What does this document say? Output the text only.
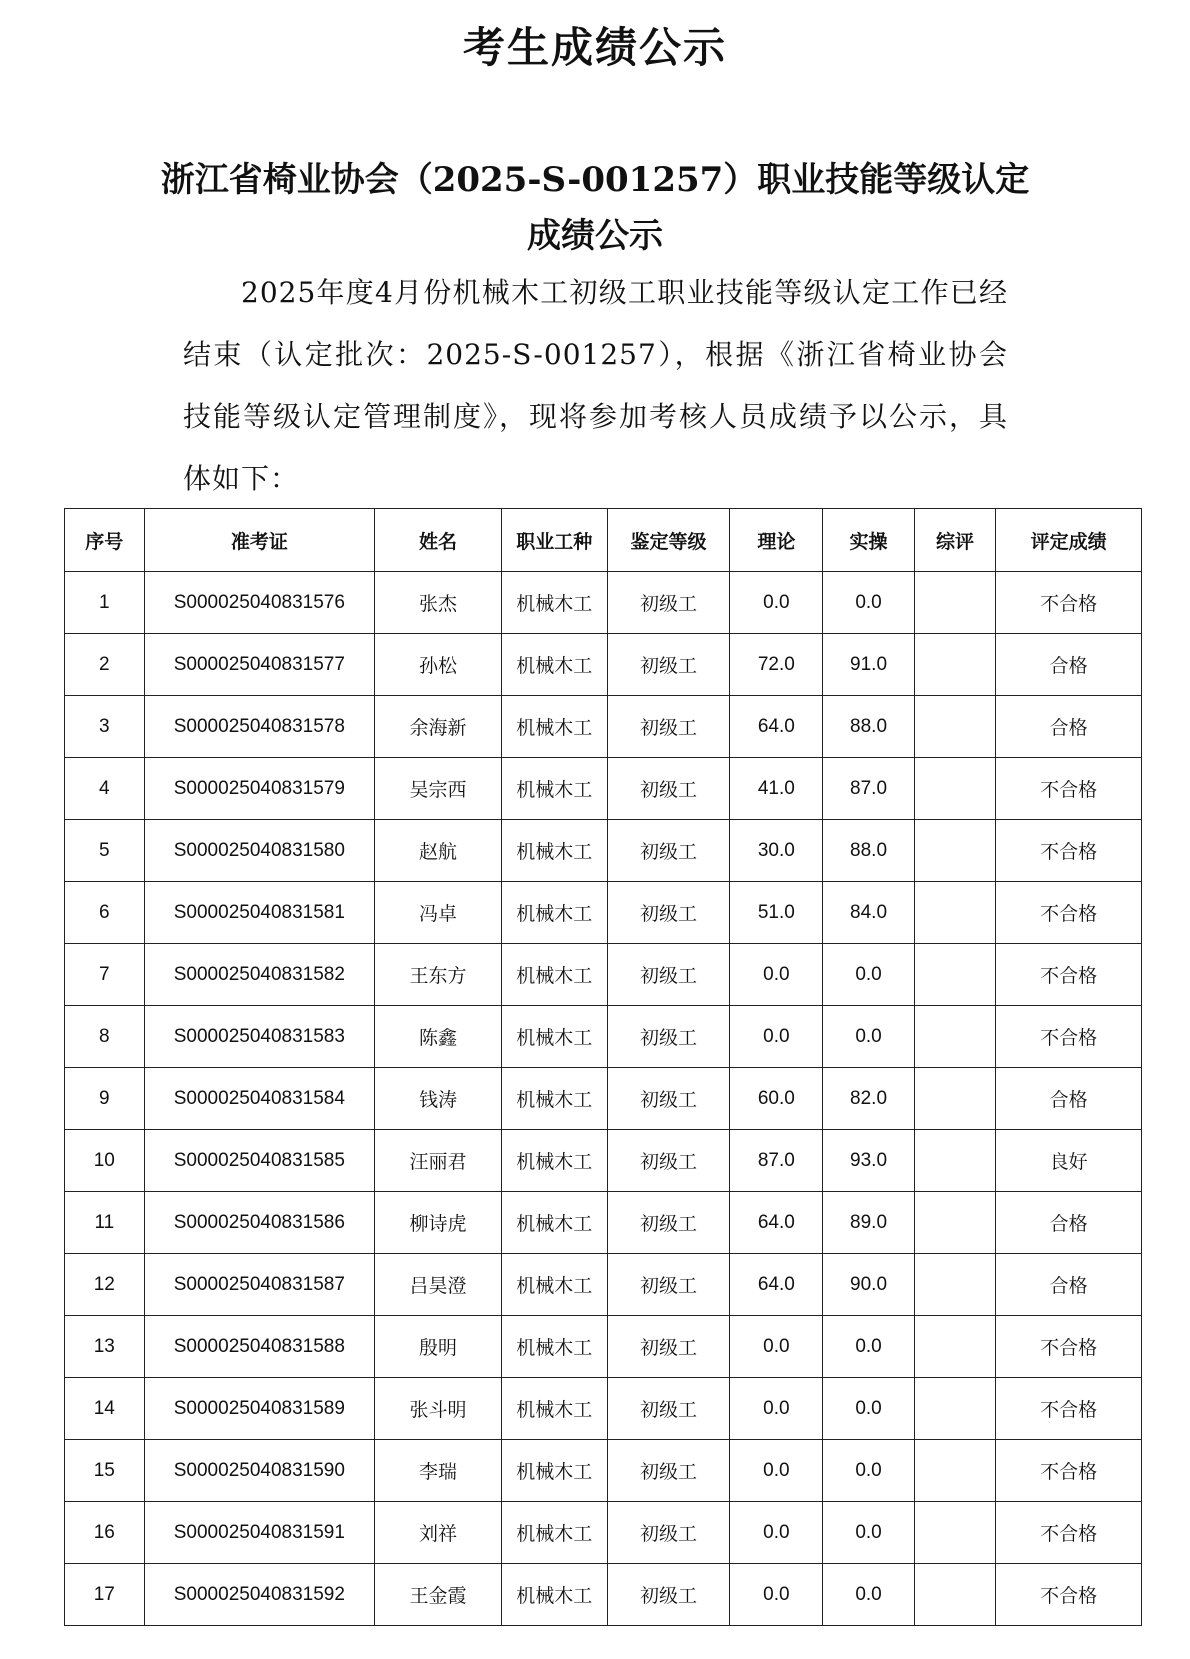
考生成绩公示
浙江省椅业协会（2025-S-001257）职业技能等级认定
成绩公示

2025年度4月份机械木工初级工职业技能等级认定工作已经结束（认定批次：2025-S-001257），根据《浙江省椅业协会技能等级认定管理制度》，现将参加考核人员成绩予以公示，具体如下：

序号	准考证	姓名	职业工种	鉴定等级	理论	实操	综评	评定成绩
1	S000025040831576	张杰	机械木工	初级工	0.0	0.0		不合格
2	S000025040831577	孙松	机械木工	初级工	72.0	91.0		合格
3	S000025040831578	余海新	机械木工	初级工	64.0	88.0		合格
4	S000025040831579	吴宗西	机械木工	初级工	41.0	87.0		不合格
5	S000025040831580	赵航	机械木工	初级工	30.0	88.0		不合格
6	S000025040831581	冯卓	机械木工	初级工	51.0	84.0		不合格
7	S000025040831582	王东方	机械木工	初级工	0.0	0.0		不合格
8	S000025040831583	陈鑫	机械木工	初级工	0.0	0.0		不合格
9	S000025040831584	钱涛	机械木工	初级工	60.0	82.0		合格
10	S000025040831585	汪丽君	机械木工	初级工	87.0	93.0		良好
11	S000025040831586	柳诗虎	机械木工	初级工	64.0	89.0		合格
12	S000025040831587	吕昊澄	机械木工	初级工	64.0	90.0		合格
13	S000025040831588	殷明	机械木工	初级工	0.0	0.0		不合格
14	S000025040831589	张斗明	机械木工	初级工	0.0	0.0		不合格
15	S000025040831590	李瑞	机械木工	初级工	0.0	0.0		不合格
16	S000025040831591	刘祥	机械木工	初级工	0.0	0.0		不合格
17	S000025040831592	王金霞	机械木工	初级工	0.0	0.0		不合格
